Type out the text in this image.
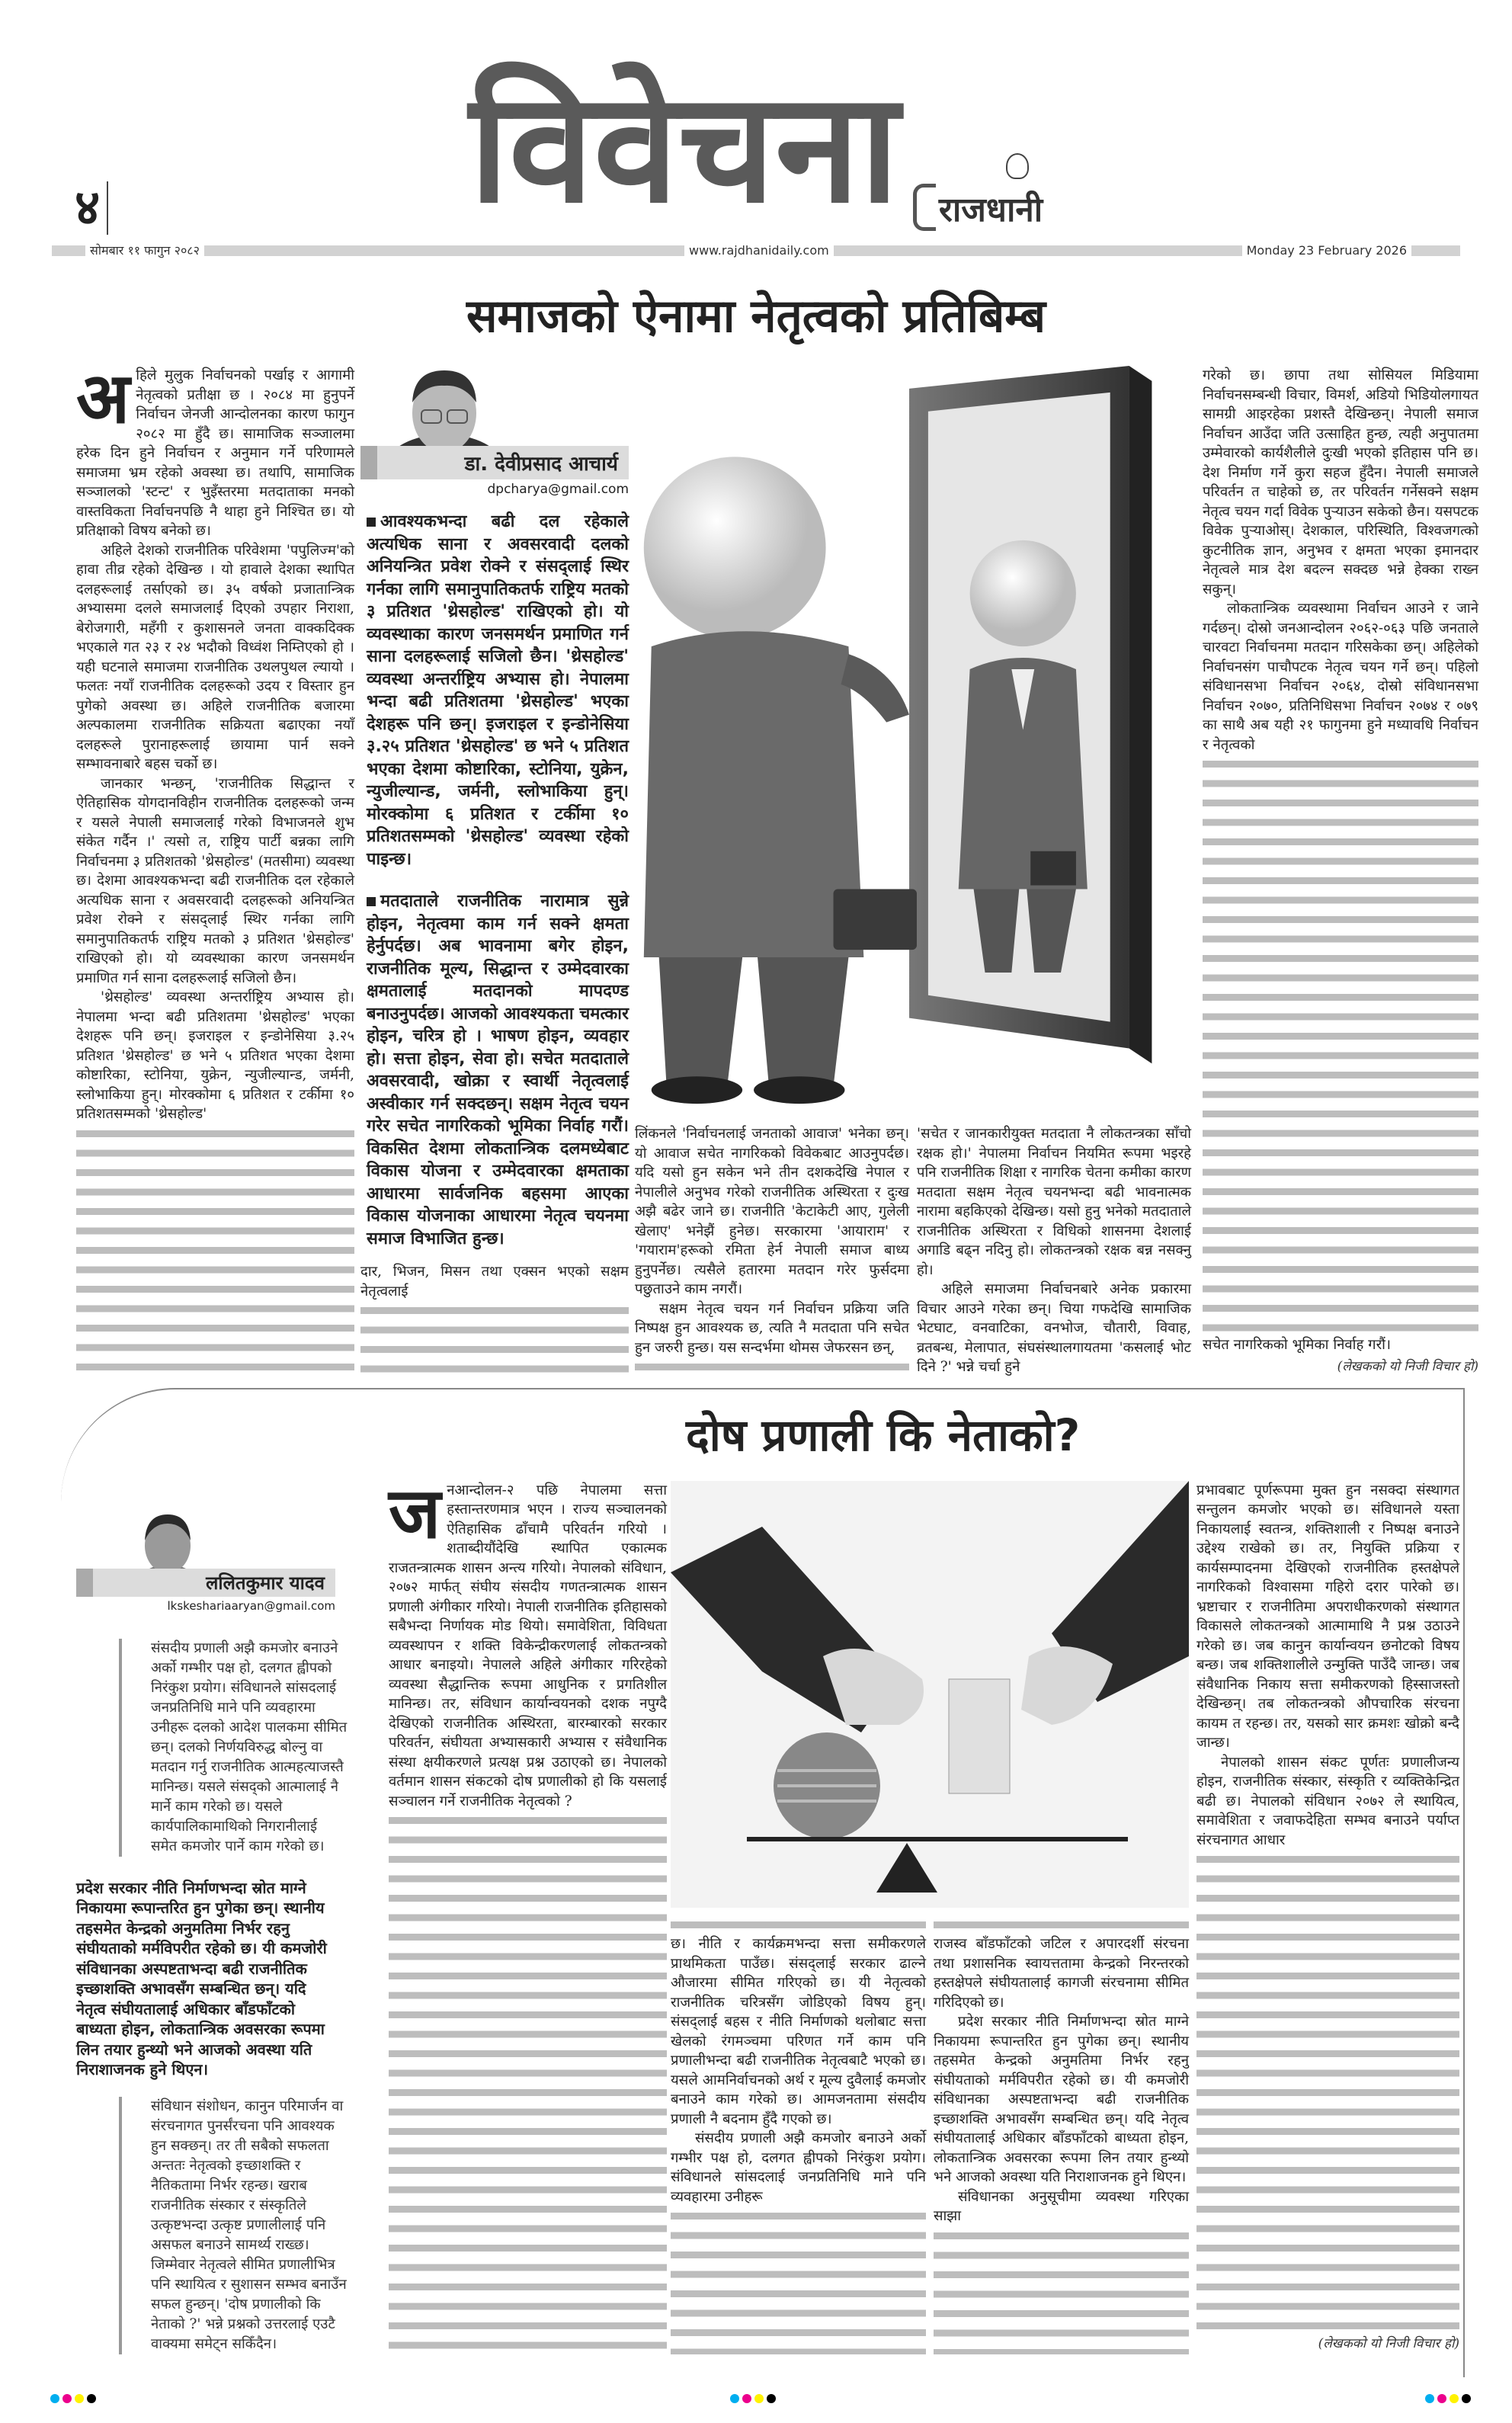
४ विवेचना राजधानी
सोमबार ११ फागुन २०८२	www.rajdhanidaily.com	Monday 23 February 2026
समाजको ऐनामा नेतृत्वको प्रतिबिम्ब
अ हिले मुलुक निर्वाचनको पर्खाइ र आगामी नेतृत्वको प्रतीक्षा छ । २०८४ मा हुनुपर्ने निर्वाचन जेनजी आन्दोलनका कारण फागुन २०८२ मा हुँदै छ। सामाजिक सञ्जालमा हरेक दिन हुने निर्वाचन र अनुमान गर्ने परिणामले समाजमा भ्रम रहेको अवस्था छ। तथापि, सामाजिक सञ्जालको 'स्टन्ट' र भुइँस्तरमा मतदाताका मनको वास्तविकता निर्वाचनपछि नै थाहा हुने निश्चित छ। यो प्रतिक्षाको विषय बनेको छ।

अहिले देशको राजनीतिक परिवेशमा 'पपुलिज्म'को हावा तीव्र रहेको देखिन्छ । यो हावाले देशका स्थापित दलहरूलाई तर्साएको छ। ३५ वर्षको प्रजातान्त्रिक अभ्यासमा दलले समाजलाई दिएको उपहार निराशा, बेरोजगारी, महँगी र कुशासनले जनता वाक्कदिक्क भएकाले गत २३ र २४ भदौको विध्वंश निम्तिएको हो । यही घटनाले समाजमा राजनीतिक उथलपुथल ल्यायो । फलतः नयाँ राजनीतिक दलहरूको उदय र विस्तार हुन पुगेको अवस्था छ। अहिले राजनीतिक बजारमा अल्पकालमा राजनीतिक सक्रियता बढाएका नयाँ दलहरूले पुरानाहरूलाई छायामा पार्न सक्ने सम्भावनाबारे बहस चर्को छ।

जानकार भन्छन्, 'राजनीतिक सिद्धान्त र ऐतिहासिक योगदानविहीन राजनीतिक दलहरूको जन्म र यसले नेपाली समाजलाई गरेको विभाजनले शुभ संकेत गर्दैन ।' त्यसो त, राष्ट्रिय पार्टी बन्नका लागि निर्वाचनमा ३ प्रतिशतको 'थ्रेसहोल्ड' (मतसीमा) व्यवस्था छ। देशमा आवश्यकभन्दा बढी राजनीतिक दल रहेकाले अत्यधिक साना र अवसरवादी दलहरूको अनियन्त्रित प्रवेश रोक्ने र संसद्लाई स्थिर गर्नका लागि समानुपातिकतर्फ राष्ट्रिय मतको ३ प्रतिशत 'थ्रेसहोल्ड' राखिएको हो। यो व्यवस्थाका कारण जनसमर्थन प्रमाणित गर्न साना दलहरूलाई सजिलो छैन।

'थ्रेसहोल्ड' व्यवस्था अन्तर्राष्ट्रिय अभ्यास हो। नेपालमा भन्दा बढी प्रतिशतमा 'थ्रेसहोल्ड' भएका देशहरू पनि छन्। इजराइल र इन्डोनेसिया ३.२५ प्रतिशत 'थ्रेसहोल्ड' छ भने ५ प्रतिशत भएका देशमा कोष्टारिका, स्टोनिया, युक्रेन, न्युजील्यान्ड, जर्मनी, स्लोभाकिया हुन्। मोरक्कोमा ६ प्रतिशत र टर्कीमा १० प्रतिशतसम्मको 'थ्रेसहोल्ड'

डा. देवीप्रसाद आचार्य
dpcharya@gmail.com
आवश्यकभन्दा बढी दल रहेकाले अत्यधिक साना र अवसरवादी दलको अनियन्त्रित प्रवेश रोक्ने र संसद्लाई स्थिर गर्नका लागि समानुपातिकतर्फ राष्ट्रिय मतको ३ प्रतिशत 'थ्रेसहोल्ड' राखिएको हो। यो व्यवस्थाका कारण जनसमर्थन प्रमाणित गर्न साना दलहरूलाई सजिलो छैन। 'थ्रेसहोल्ड' व्यवस्था अन्तर्राष्ट्रिय अभ्यास हो। नेपालमा भन्दा बढी प्रतिशतमा 'थ्रेसहोल्ड' भएका देशहरू पनि छन्। इजराइल र इन्डोनेसिया ३.२५ प्रतिशत 'थ्रेसहोल्ड' छ भने ५ प्रतिशत भएका देशमा कोष्टारिका, स्टोनिया, युक्रेन, न्युजील्यान्ड, जर्मनी, स्लोभाकिया हुन्। मोरक्कोमा ६ प्रतिशत र टर्कीमा १० प्रतिशतसम्मको 'थ्रेसहोल्ड' व्यवस्था रहेको पाइन्छ।
मतदाताले राजनीतिक नारामात्र सुन्ने होइन, नेतृत्वमा काम गर्न सक्ने क्षमता हेर्नुपर्दछ। अब भावनामा बगेर होइन, राजनीतिक मूल्य, सिद्धान्त र उम्मेदवारका क्षमतालाई मतदानको मापदण्ड बनाउनुपर्दछ। आजको आवश्यकता चमत्कार होइन, चरित्र हो । भाषण होइन, व्यवहार हो। सत्ता होइन, सेवा हो। सचेत मतदाताले अवसरवादी, खोक्रा र स्वार्थी नेतृत्वलाई अस्वीकार गर्न सक्दछन्। सक्षम नेतृत्व चयन गरेर सचेत नागरिकको भूमिका निर्वाह गरौं। विकसित देशमा लोकतान्त्रिक दलमध्येबाट विकास योजना र उम्मेदवारका क्षमताका आधारमा सार्वजनिक बहसमा आएका विकास योजनाका आधारमा नेतृत्व चयनमा समाज विभाजित हुन्छ।

दार, भिजन, मिसन तथा एक्सन भएको सक्षम नेतृत्वलाई

लिंकनले 'निर्वाचनलाई जनताको आवाज' भनेका छन्। यो आवाज सचेत नागरिकको विवेकबाट आउनुपर्दछ। यदि यसो हुन सकेन भने तीन दशकदेखि नेपाल र नेपालीले अनुभव गरेको राजनीतिक अस्थिरता र दुःख अझै बढेर जाने छ। राजनीति 'केटाकेटी आए, गुलेली खेलाए' भनेझैं हुनेछ। सरकारमा 'आयाराम' र 'गयाराम'हरूको रमिता हेर्न नेपाली समाज बाध्य हुनुपर्नेछ। त्यसैले हतारमा मतदान गरेर फुर्सदमा पछुताउने काम नगरौं।

सक्षम नेतृत्व चयन गर्न निर्वाचन प्रक्रिया जति निष्पक्ष हुन आवश्यक छ, त्यति नै मतदाता पनि सचेत हुन जरुरी हुन्छ। यस सन्दर्भमा थोमस जेफरसन छन्,

'सचेत र जानकारीयुक्त मतदाता नै लोकतन्त्रका साँचो रक्षक हो।' नेपालमा निर्वाचन नियमित रूपमा भइरहे पनि राजनीतिक शिक्षा र नागरिक चेतना कमीका कारण मतदाता सक्षम नेतृत्व चयनभन्दा बढी भावनात्मक नारामा बहकिएको देखिन्छ। यसो हुनु भनेको मतदाताले राजनीतिक अस्थिरता र विधिको शासनमा देशलाई अगाडि बढ्न नदिनु हो। लोकतन्त्रको रक्षक बन्न नसक्नु हो।

अहिले समाजमा निर्वाचनबारे अनेक प्रकारमा विचार आउने गरेका छन्। चिया गफदेखि सामाजिक भेटघाट, वनवाटिका, वनभोज, चौतारी, विवाह, व्रतबन्ध, मेलापात, संघसंस्थालगायतमा 'कसलाई भोट दिने ?' भन्ने चर्चा हुने

गरेको छ। छापा तथा सोसियल मिडियामा निर्वाचनसम्बन्धी विचार, विमर्श, अडियो भिडियोलगायत सामग्री आइरहेका प्रशस्तै देखिन्छन्। नेपाली समाज निर्वाचन आउँदा जति उत्साहित हुन्छ, त्यही अनुपातमा उम्मेवारको कार्यशैलीले दुःखी भएको इतिहास पनि छ। देश निर्माण गर्ने कुरा सहज हुँदैन। नेपाली समाजले परिवर्तन त चाहेको छ, तर परिवर्तन गर्नेसक्ने सक्षम नेतृत्व चयन गर्दा विवेक पुऱ्याउन सकेको छैन। यसपटक विवेक पुऱ्याओस्। देशकाल, परिस्थिति, विश्वजगत्को कुटनीतिक ज्ञान, अनुभव र क्षमता भएका इमानदार नेतृत्वले मात्र देश बदल्न सक्दछ भन्ने हेक्का राख्न सकुन्।

लोकतान्त्रिक व्यवस्थामा निर्वाचन आउने र जाने गर्दछन्। दोस्रो जनआन्दोलन २०६२-०६३ पछि जनताले चारवटा निर्वाचनमा मतदान गरिसकेका छन्। अहिलेको निर्वाचनसंग पाचौपटक नेतृत्व चयन गर्ने छन्। पहिलो संविधानसभा निर्वाचन २०६४, दोस्रो संविधानसभा निर्वाचन २०७०, प्रतिनिधिसभा निर्वाचन २०७४ र ०७९ का साथै अब यही २१ फागुनमा हुने मध्यावधि निर्वाचन र नेतृत्वको

सचेत नागरिकको भूमिका निर्वाह गरौं।

(लेखकको यो निजी विचार हो)
दोष प्रणाली कि नेताको?
ललितकुमार यादव
lkskeshariaaryan@gmail.com
संसदीय प्रणाली अझै कमजोर बनाउने अर्को गम्भीर पक्ष हो, दलगत ह्वीपको निरंकुश प्रयोग। संविधानले सांसदलाई जनप्रतिनिधि माने पनि व्यवहारमा उनीहरू दलको आदेश पालकमा सीमित छन्। दलको निर्णयविरुद्ध बोल्नु वा मतदान गर्नु राजनीतिक आत्महत्याजस्तै मानिन्छ। यसले संसद्को आत्मालाई नै मार्ने काम गरेको छ। यसले कार्यपालिकामाथिको निगरानीलाई समेत कमजोर पार्ने काम गरेको छ।
प्रदेश सरकार नीति निर्माणभन्दा स्रोत माग्ने निकायमा रूपान्तरित हुन पुगेका छन्। स्थानीय तहसमेत केन्द्रको अनुमतिमा निर्भर रहनु संघीयताको मर्मविपरीत रहेको छ। यी कमजोरी संविधानका अस्पष्टताभन्दा बढी राजनीतिक इच्छाशक्ति अभावसँग सम्बन्धित छन्। यदि नेतृत्व संघीयतालाई अधिकार बाँडफाँटको बाध्यता होइन, लोकतान्त्रिक अवसरका रूपमा लिन तयार हुन्थ्यो भने आजको अवस्था यति निराशाजनक हुने थिएन।
संविधान संशोधन, कानुन परिमार्जन वा संरचनागत पुनर्संरचना पनि आवश्यक हुन सक्छन्। तर ती सबैको सफलता अन्ततः नेतृत्वको इच्छाशक्ति र नैतिकतामा निर्भर रहन्छ। खराब राजनीतिक संस्कार र संस्कृतिले उत्कृष्टभन्दा उत्कृष्ट प्रणालीलाई पनि असफल बनाउने सामर्थ्य राख्छ। जिम्मेवार नेतृत्वले सीमित प्रणालीभित्र पनि स्थायित्व र सुशासन सम्भव बनाउँन सफल हुन्छन्। 'दोष प्रणालीको कि नेताको ?' भन्ने प्रश्नको उत्तरलाई एउटै वाक्यमा समेट्न सकिँदैन।
ज नआन्दोलन-२ पछि नेपालमा सत्ता हस्तान्तरणमात्र भएन । राज्य सञ्चालनको ऐतिहासिक ढाँचामै परिवर्तन गरियो । शताब्दीयौंदेखि स्थापित एकात्मक राजतन्त्रात्मक शासन अन्त्य गरियो। नेपालको संविधान, २०७२ मार्फत् संघीय संसदीय गणतन्त्रात्मक शासन प्रणाली अंगीकार गरियो। नेपाली राजनीतिक इतिहासको सबैभन्दा निर्णायक मोड थियो। समावेशिता, विविधता व्यवस्थापन र शक्ति विकेन्द्रीकरणलाई लोकतन्त्रको आधार बनाइयो। नेपालले अहिले अंगीकार गरिरहेको व्यवस्था सैद्धान्तिक रूपमा आधुनिक र प्रगतिशील मानिन्छ। तर, संविधान कार्यान्वयनको दशक नपुग्दै देखिएको राजनीतिक अस्थिरता, बारम्बारको सरकार परिवर्तन, संघीयता अभ्यासकारी अभ्यास र संवैधानिक संस्था क्षयीकरणले प्रत्यक्ष प्रश्न उठाएको छ। नेपालको वर्तमान शासन संकटको दोष प्रणालीको हो कि यसलाई सञ्चालन गर्ने राजनीतिक नेतृत्वको ?

छ। नीति र कार्यक्रमभन्दा सत्ता समीकरणले प्राथमिकता पाउँछ। संसद्लाई सरकार ढाल्ने औजारमा सीमित गरिएको छ। यी नेतृत्वको राजनीतिक चरित्रसँग जोडिएको विषय हुन्। संसद्लाई बहस र नीति निर्माणको थलोबाट सत्ता खेलको रंगमञ्चमा परिणत गर्ने काम पनि प्रणालीभन्दा बढी राजनीतिक नेतृत्वबाटै भएको छ। यसले आमनिर्वाचनको अर्थ र मूल्य दुवैलाई कमजोर बनाउने काम गरेको छ। आमजनतामा संसदीय प्रणाली नै बदनाम हुँदै गएको छ।

संसदीय प्रणाली अझै कमजोर बनाउने अर्को गम्भीर पक्ष हो, दलगत ह्वीपको निरंकुश प्रयोग। संविधानले सांसदलाई जनप्रतिनिधि माने पनि व्यवहारमा उनीहरू

राजस्व बाँडफाँटको जटिल र अपारदर्शी संरचना तथा प्रशासनिक स्वायत्ततामा केन्द्रको निरन्तरको हस्तक्षेपले संघीयतालाई कागजी संरचनामा सीमित गरिदिएको छ।

प्रदेश सरकार नीति निर्माणभन्दा स्रोत माग्ने निकायमा रूपान्तरित हुन पुगेका छन्। स्थानीय तहसमेत केन्द्रको अनुमतिमा निर्भर रहनु संघीयताको मर्मविपरीत रहेको छ। यी कमजोरी संविधानका अस्पष्टताभन्दा बढी राजनीतिक इच्छाशक्ति अभावसँग सम्बन्धित छन्। यदि नेतृत्व संघीयतालाई अधिकार बाँडफाँटको बाध्यता होइन, लोकतान्त्रिक अवसरका रूपमा लिन तयार हुन्थ्यो भने आजको अवस्था यति निराशाजनक हुने थिएन।

संविधानका अनुसूचीमा व्यवस्था गरिएका साझा

प्रभावबाट पूर्णरूपमा मुक्त हुन नसक्दा संस्थागत सन्तुलन कमजोर भएको छ। संविधानले यस्ता निकायलाई स्वतन्त्र, शक्तिशाली र निष्पक्ष बनाउने उद्देश्य राखेको छ। तर, नियुक्ति प्रक्रिया र कार्यसम्पादनमा देखिएको राजनीतिक हस्तक्षेपले नागरिकको विश्वासमा गहिरो दरार पारेको छ। भ्रष्टाचार र राजनीतिमा अपराधीकरणको संस्थागत विकासले लोकतन्त्रको आत्मामाथि नै प्रश्न उठाउने गरेको छ। जब कानुन कार्यान्वयन छनोटको विषय बन्छ। जब शक्तिशालीले उन्मुक्ति पाउँदै जान्छ। जब संवैधानिक निकाय सत्ता समीकरणको हिस्साजस्तो देखिन्छन्। तब लोकतन्त्रको औपचारिक संरचना कायम त रहन्छ। तर, यसको सार क्रमशः खोक्रो बन्दै जान्छ।

नेपालको शासन संकट पूर्णतः प्रणालीजन्य होइन, राजनीतिक संस्कार, संस्कृति र व्यक्तिकेन्द्रित बढी छ। नेपालको संविधान २०७२ ले स्थायित्व, समावेशिता र जवाफदेहिता सम्भव बनाउने पर्याप्त संरचनागत आधार

(लेखकको यो निजी विचार हो)
